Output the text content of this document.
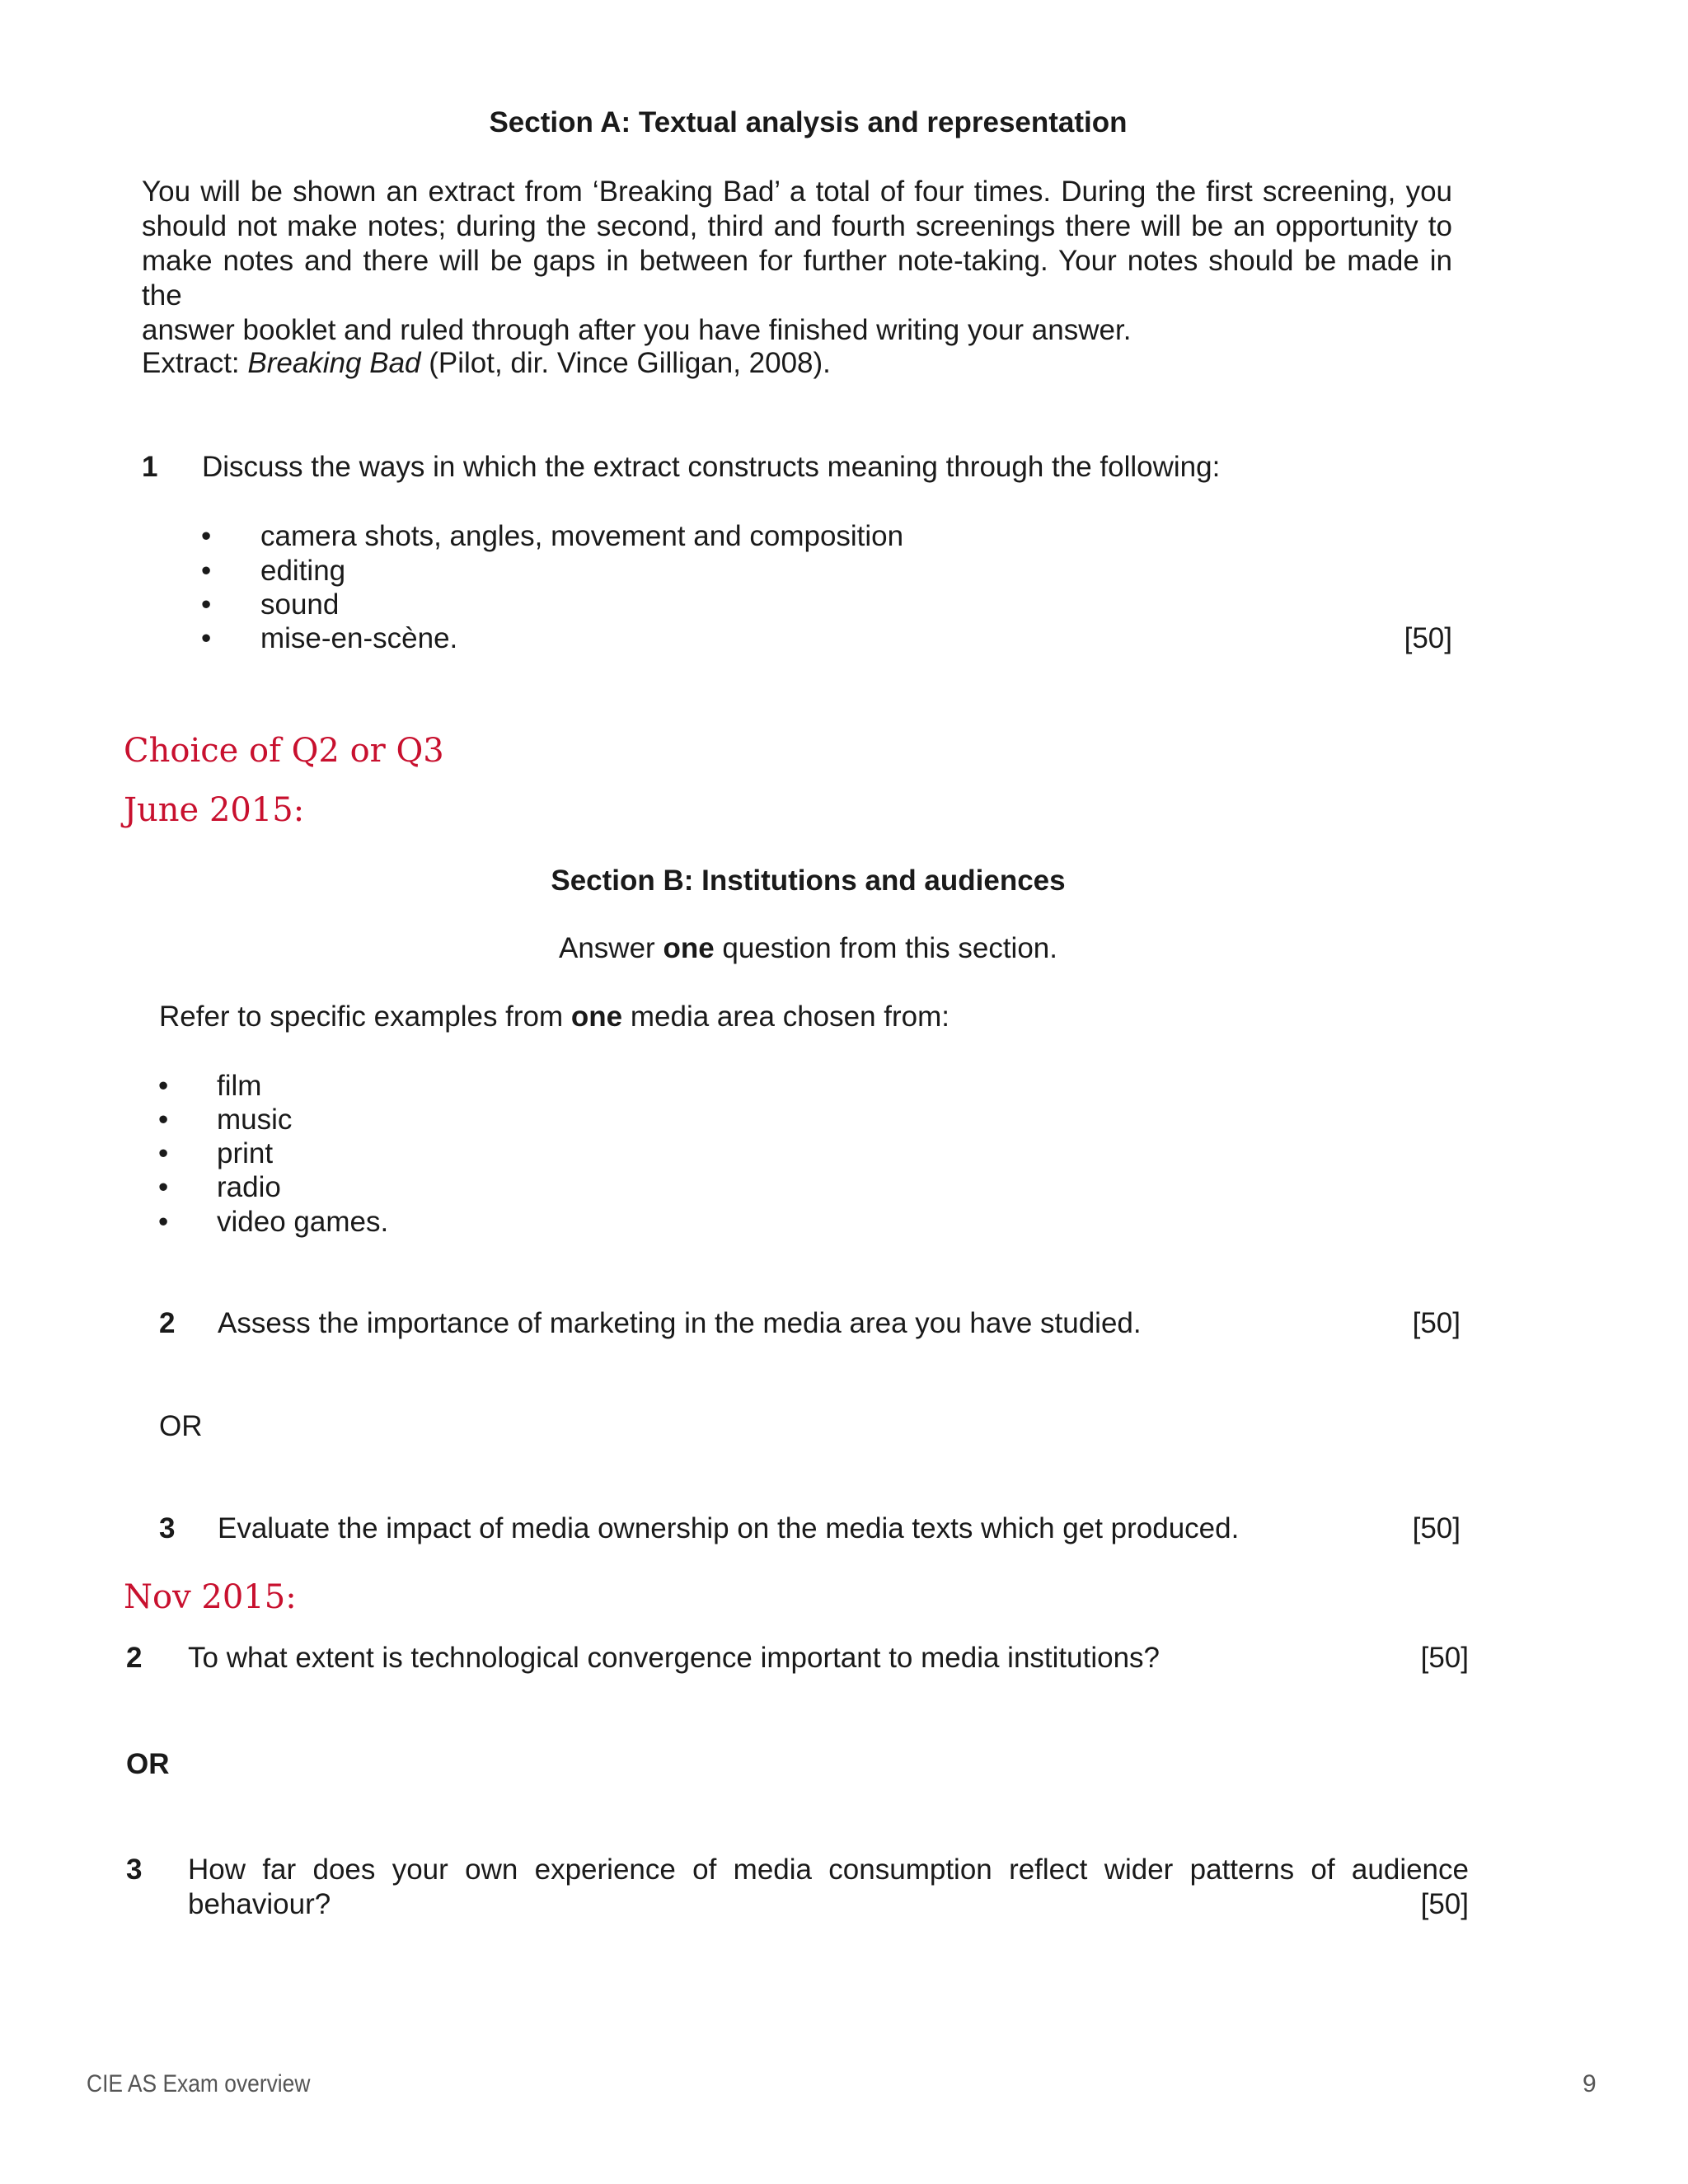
Section A: Textual analysis and representation
You will be shown an extract from ‘Breaking Bad’ a total of four times. During the first screening, you
should not make notes; during the second, third and fourth screenings there will be an opportunity to
make notes and there will be gaps in between for further note-taking. Your notes should be made in the
answer booklet and ruled through after you have finished writing your answer.
Extract: Breaking Bad (Pilot, dir. Vince Gilligan, 2008).
1 Discuss the ways in which the extract constructs meaning through the following:
• camera shots, angles, movement and composition
• editing
• sound
• mise-en-scène.	[50]
Choice of Q2 or Q3
June 2015:
Section B: Institutions and audiences
Answer one question from this section.
Refer to specific examples from one media area chosen from:
• film
• music
• print
• radio
• video games.
2 Assess the importance of marketing in the media area you have studied.	[50]
OR
3 Evaluate the impact of media ownership on the media texts which get produced.	[50]
Nov 2015:
2 To what extent is technological convergence important to media institutions?	[50]
OR
3 How far does your own experience of media consumption reflect wider patterns of audience
behaviour?	[50]
CIE AS Exam overview	9
